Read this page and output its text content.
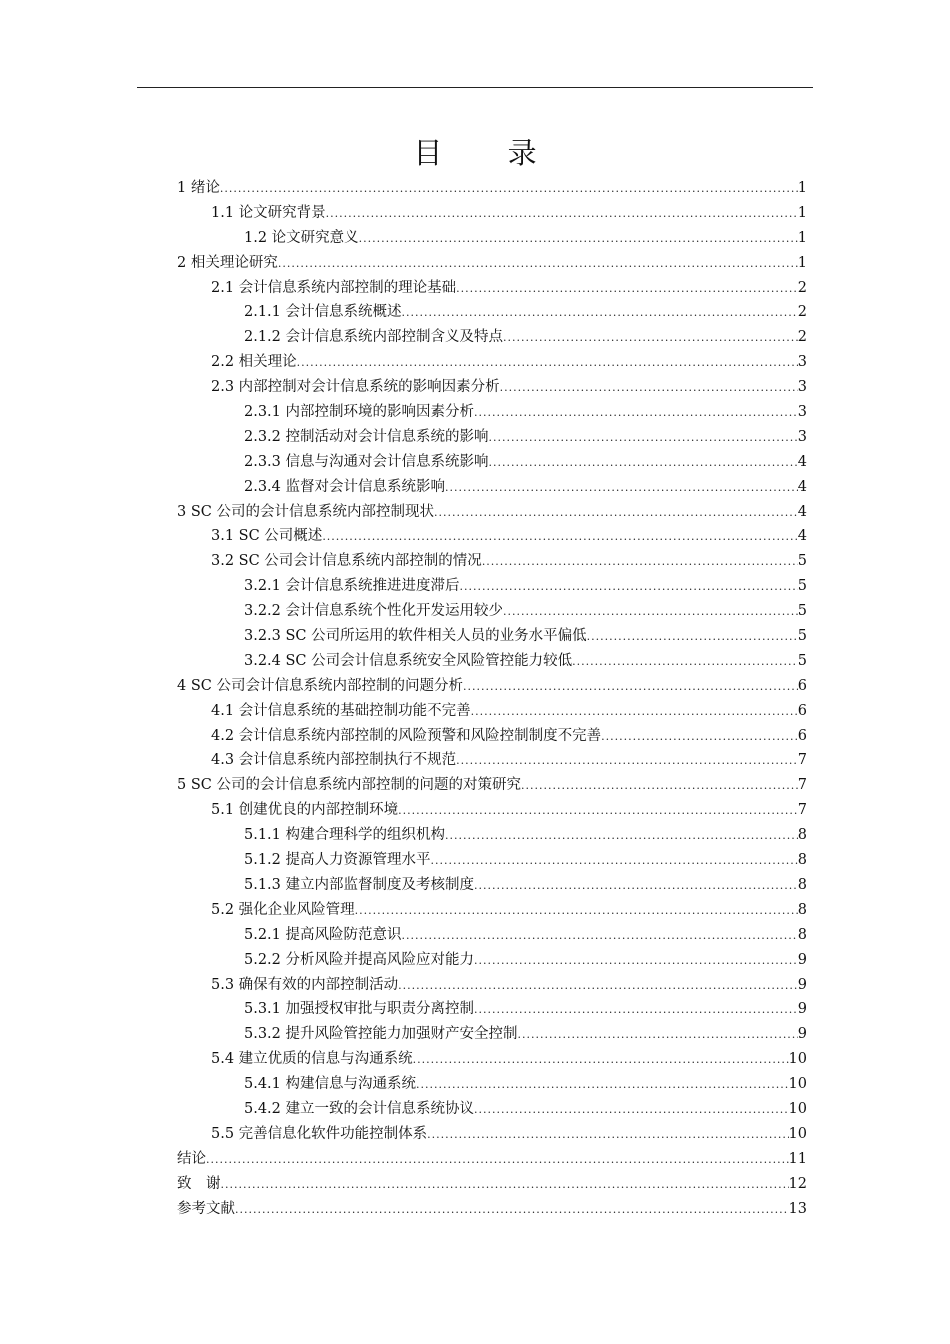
目 录
1 绪论 .....	1
1.1 论文研究背景 .....	1
1.2 论文研究意义 .....	1
2 相关理论研究 .....	1
2.1 会计信息系统内部控制的理论基础 .....	2
2.1.1 会计信息系统概述 .....	2
2.1.2 会计信息系统内部控制含义及特点 .....	2
2.2 相关理论 .....	3
2.3 内部控制对会计信息系统的影响因素分析 .....	3
2.3.1 内部控制环境的影响因素分析 .....	3
2.3.2 控制活动对会计信息系统的影响 .....	3
2.3.3 信息与沟通对会计信息系统影响 .....	4
2.3.4 监督对会计信息系统影响 .....	4
3 SC 公司的会计信息系统内部控制现状 .....	4
3.1 SC 公司概述 .....	4
3.2 SC 公司会计信息系统内部控制的情况 .....	5
3.2.1 会计信息系统推进进度滞后 .....	5
3.2.2 会计信息系统个性化开发运用较少 .....	5
3.2.3 SC 公司所运用的软件相关人员的业务水平偏低 .....	5
3.2.4 SC 公司会计信息系统安全风险管控能力较低 .....	5
4 SC 公司会计信息系统内部控制的问题分析 .....	6
4.1 会计信息系统的基础控制功能不完善 .....	6
4.2 会计信息系统内部控制的风险预警和风险控制制度不完善 .....	6
4.3 会计信息系统内部控制执行不规范 .....	7
5 SC 公司的会计信息系统内部控制的问题的对策研究 .....	7
5.1 创建优良的内部控制环境 .....	7
5.1.1 构建合理科学的组织机构 .....	8
5.1.2 提高人力资源管理水平 .....	8
5.1.3 建立内部监督制度及考核制度 .....	8
5.2 强化企业风险管理 .....	8
5.2.1 提高风险防范意识 .....	8
5.2.2 分析风险并提高风险应对能力 .....	9
5.3 确保有效的内部控制活动 .....	9
5.3.1 加强授权审批与职责分离控制 .....	9
5.3.2 提升风险管控能力加强财产安全控制 .....	9
5.4 建立优质的信息与沟通系统 .....	10
5.4.1 构建信息与沟通系统 .....	10
5.4.2 建立一致的会计信息系统协议 .....	10
5.5 完善信息化软件功能控制体系 .....	10
结论 .....	11
致　谢 .....	12
参考文献 .....	13
